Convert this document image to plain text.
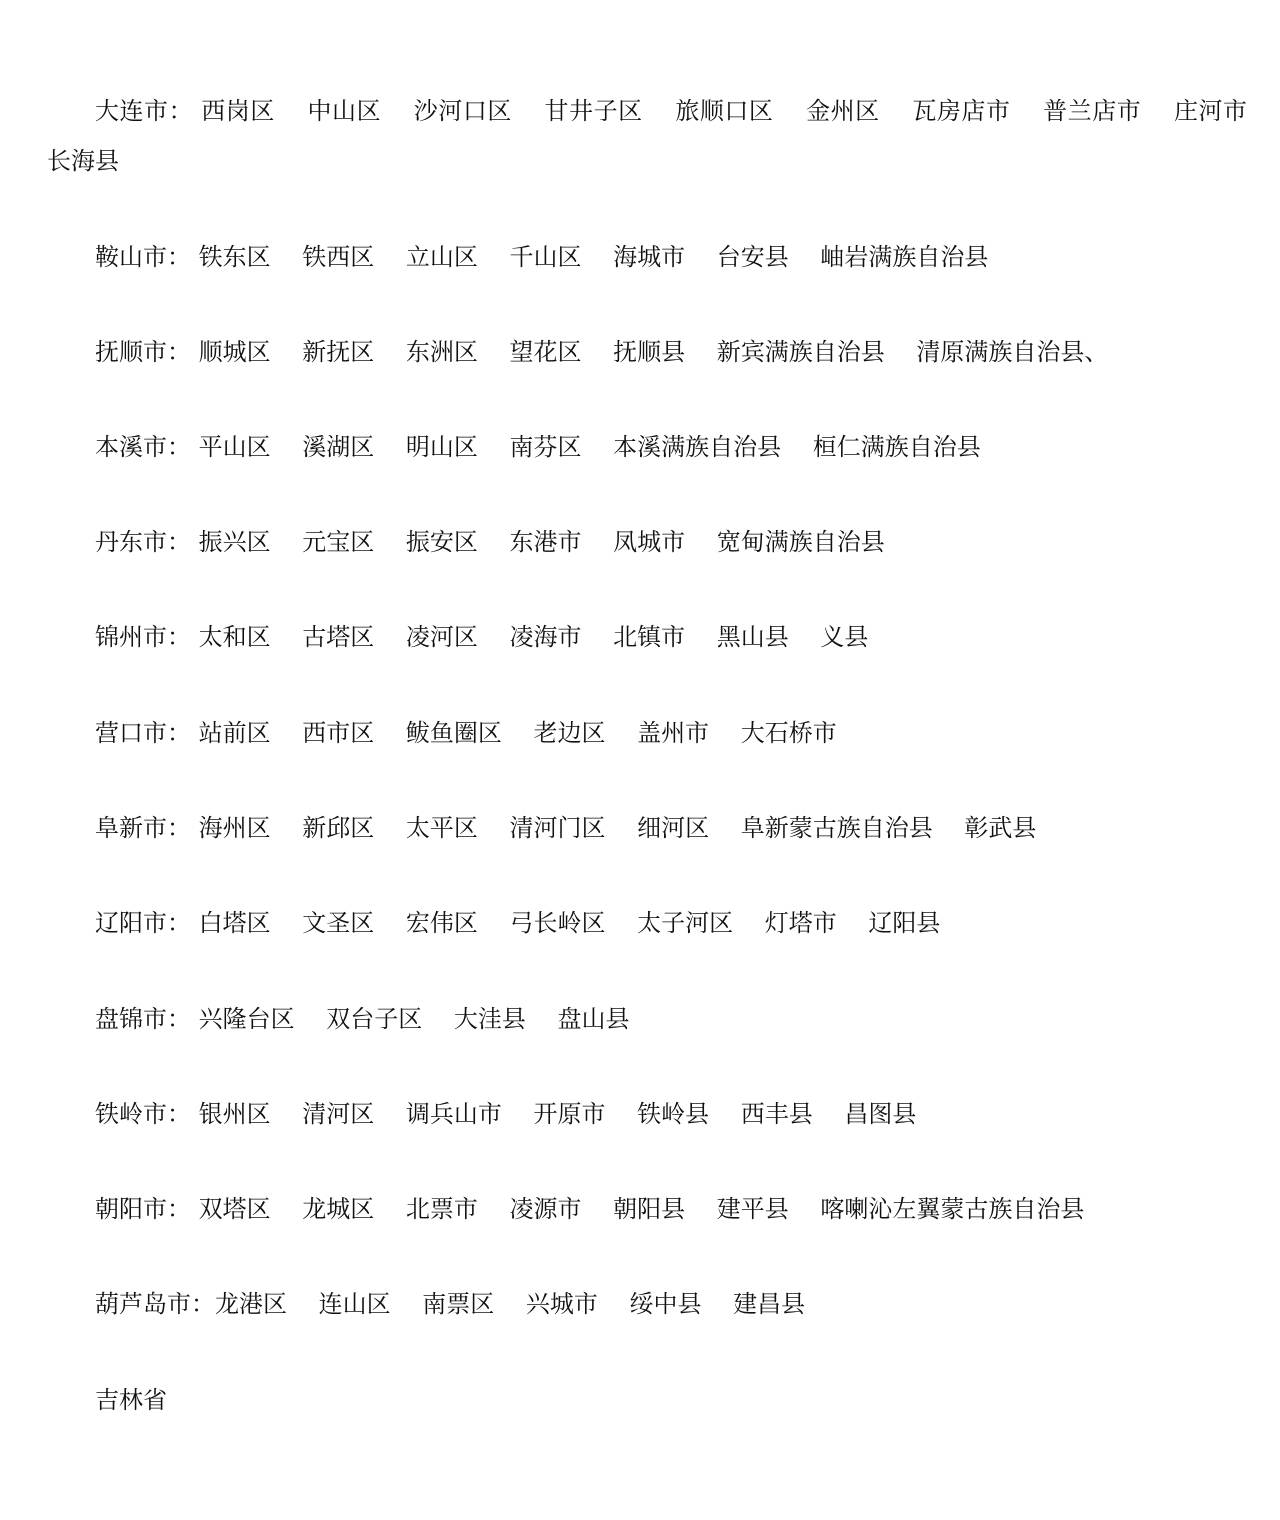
大连市： 西岗区　 中山区　 沙河口区　 甘井子区　 旅顺口区　 金州区　 瓦房店市　 普兰店市　 庄河市　 长海县

鞍山市： 铁东区　 铁西区　 立山区　 千山区　 海城市　 台安县　 岫岩满族自治县

抚顺市： 顺城区　 新抚区　 东洲区　 望花区　 抚顺县　 新宾满族自治县　 清原满族自治县、

本溪市： 平山区　 溪湖区　 明山区　 南芬区　 本溪满族自治县　 桓仁满族自治县

丹东市： 振兴区　 元宝区　 振安区　 东港市　 凤城市　 宽甸满族自治县

锦州市： 太和区　 古塔区　 凌河区　 凌海市　 北镇市　 黑山县　 义县

营口市： 站前区　 西市区　 鲅鱼圈区　 老边区　 盖州市　 大石桥市

阜新市： 海州区　 新邱区　 太平区　 清河门区　 细河区　 阜新蒙古族自治县　 彰武县

辽阳市： 白塔区　 文圣区　 宏伟区　 弓长岭区　 太子河区　 灯塔市　 辽阳县

盘锦市： 兴隆台区　 双台子区　 大洼县　 盘山县

铁岭市： 银州区　 清河区　 调兵山市　 开原市　 铁岭县　 西丰县　 昌图县

朝阳市： 双塔区　 龙城区　 北票市　 凌源市　 朝阳县　 建平县　 喀喇沁左翼蒙古族自治县

葫芦岛市：龙港区　 连山区　 南票区　 兴城市　 绥中县　 建昌县

吉林省
